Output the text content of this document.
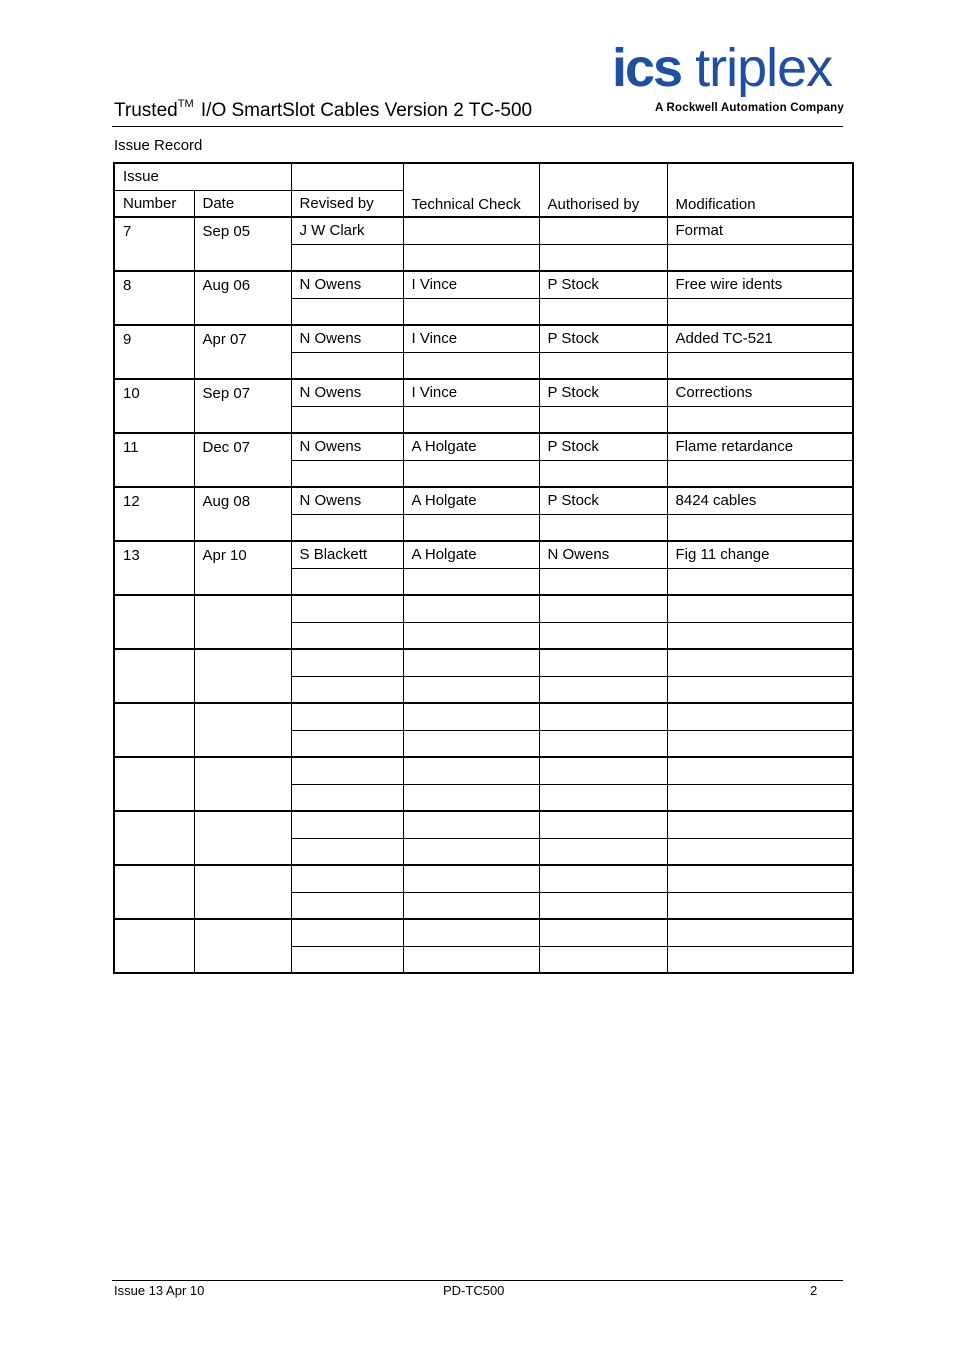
Trusted™ I/O SmartSlot Cables Version 2 TC-500
ics triplex
A Rockwell Automation Company
Issue Record
Issue			Technical Check	Authorised by	Modification
Number	Date	Revised by			
7	Sep 05	J W Clark			Format

8	Aug 06	N Owens	I Vince	P Stock	Free wire idents

9	Apr 07	N Owens	I Vince	P Stock	Added TC-521

10	Sep 07	N Owens	I Vince	P Stock	Corrections

11	Dec 07	N Owens	A Holgate	P Stock	Flame retardance

12	Aug 08	N Owens	A Holgate	P Stock	8424 cables

13	Apr 10	S Blackett	A Holgate	N Owens	Fig 11 change

Issue 13 Apr 10	PD-TC500	2
